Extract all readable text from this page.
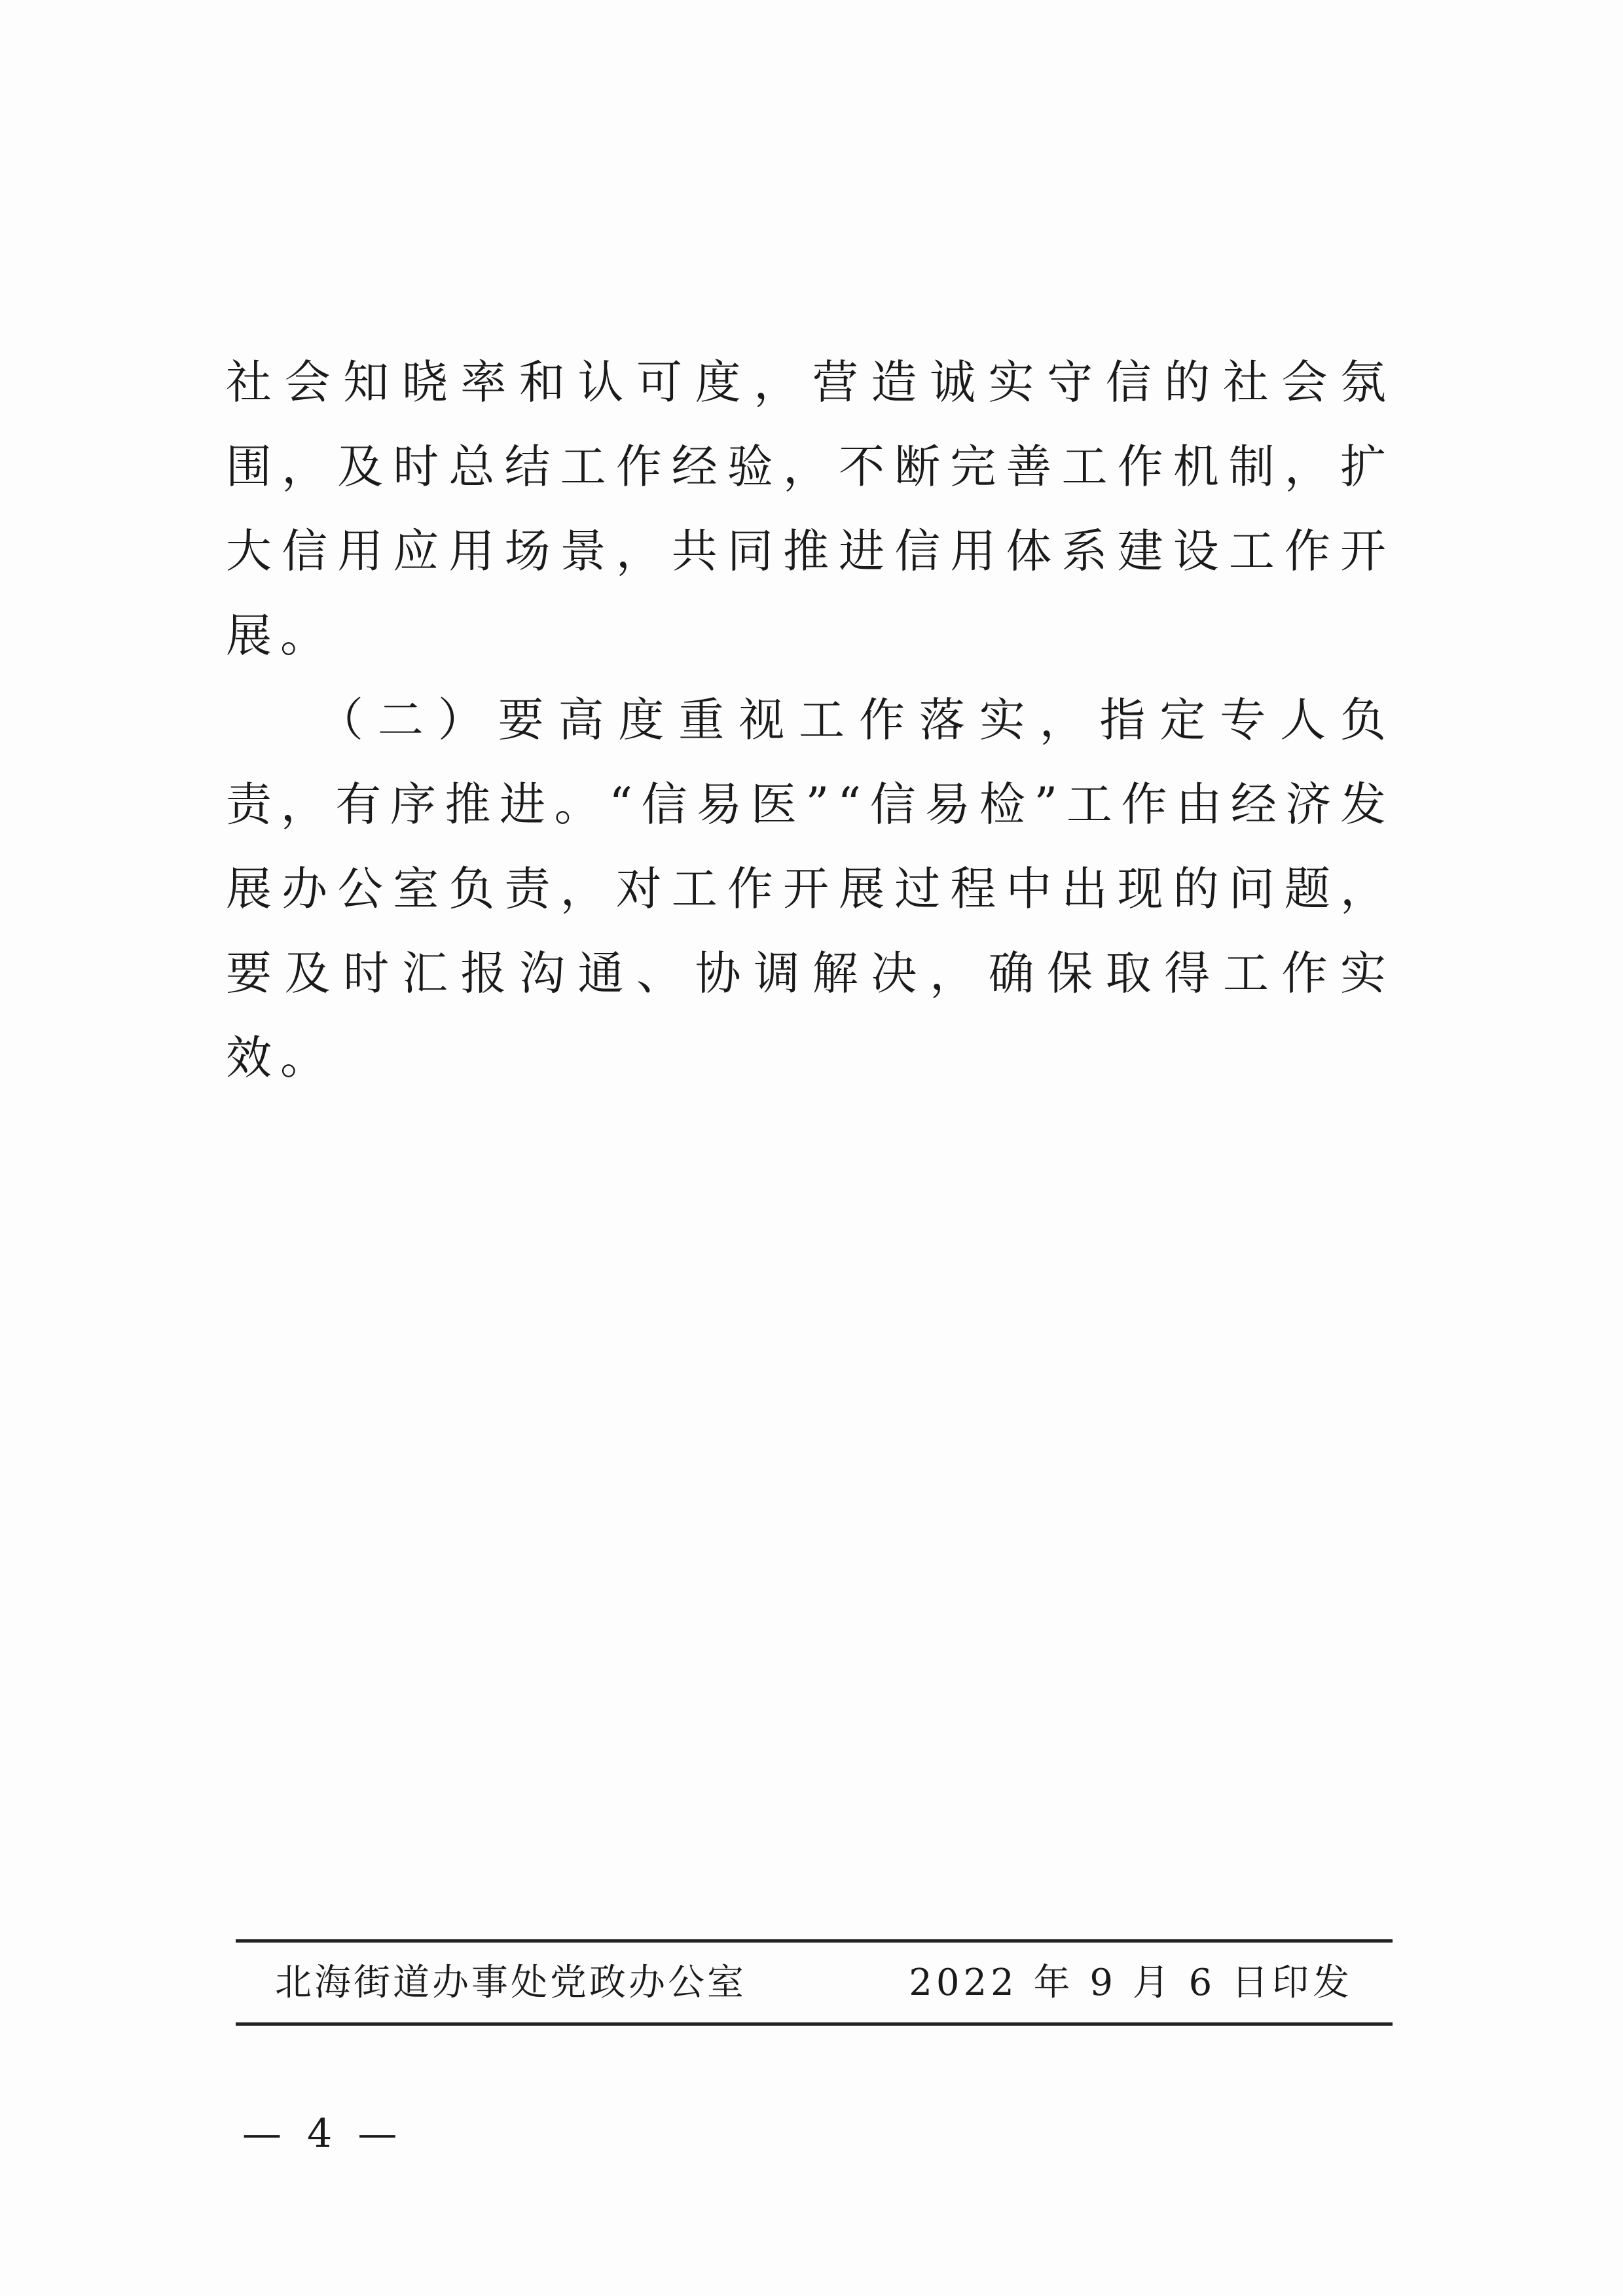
社会知晓率和认可度，营造诚实守信的社会氛围，及时总结工作经验，不断完善工作机制，扩大信用应用场景，共同推进信用体系建设工作开展。

（二）要高度重视工作落实，指定专人负责，有序推进。“信易医”“信易检”工作由经济发展办公室负责，对工作开展过程中出现的问题，要及时汇报沟通、协调解决，确保取得工作实效。

北海街道办事处党政办公室	2022 年 9 月 6 日印发
— 4 —
